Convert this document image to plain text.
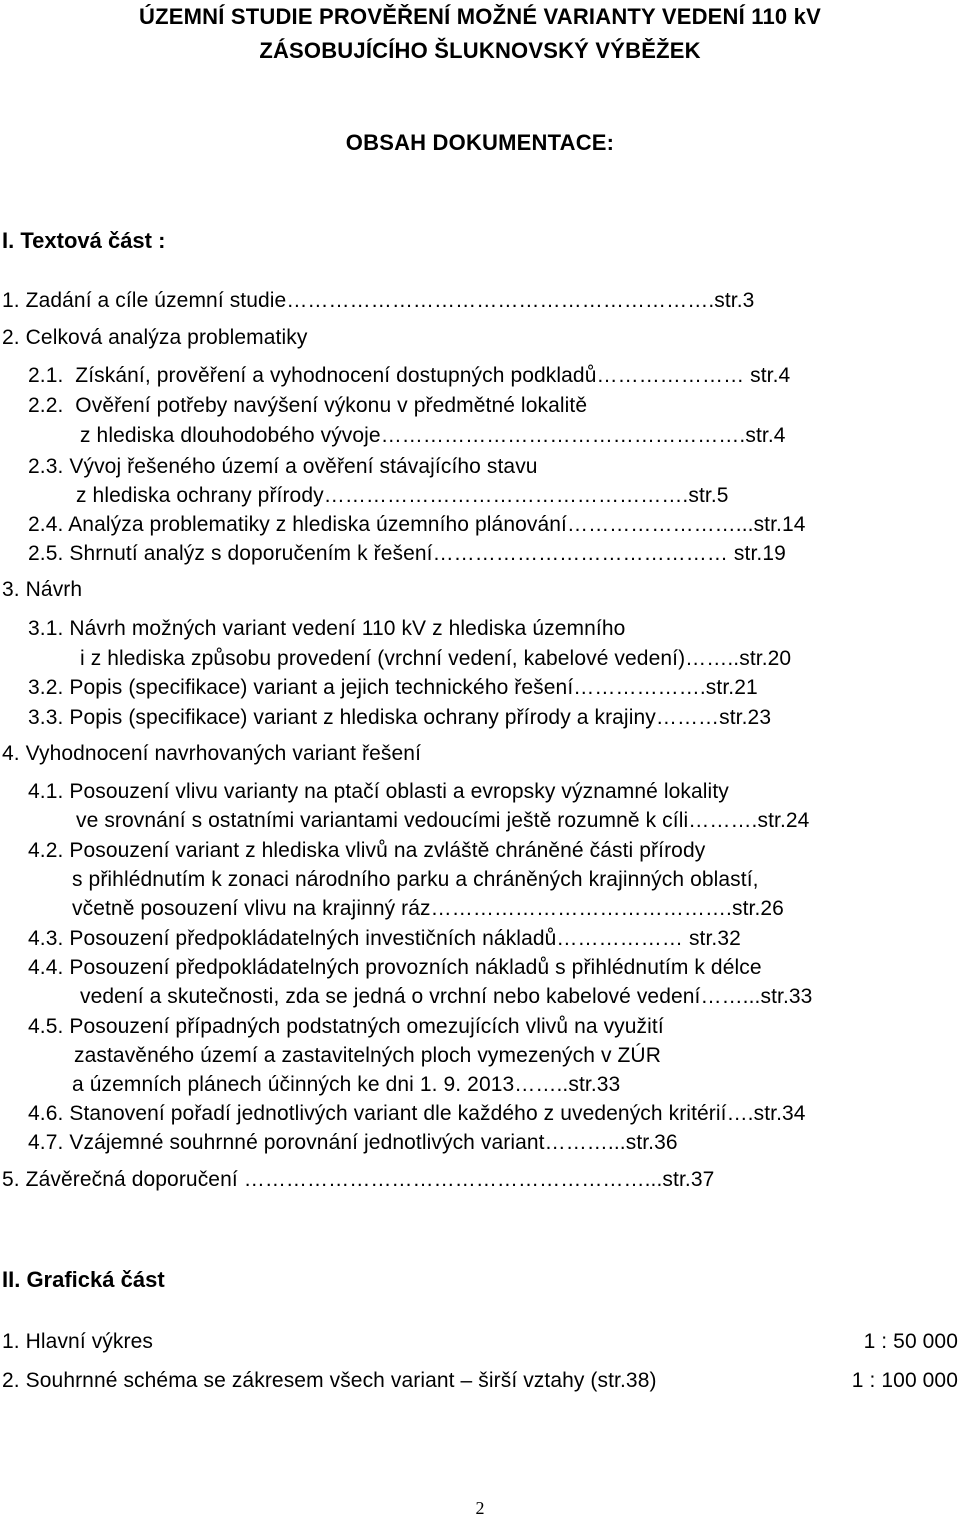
ÚZEMNÍ STUDIE PROVĚŘENÍ MOŽNÉ VARIANTY VEDENÍ 110 kV
ZÁSOBUJÍCÍHO ŠLUKNOVSKÝ VÝBĚŽEK
OBSAH DOKUMENTACE:
I. Textová část :
1. Zadání a cíle územní studie…………………………………………………….str.3
2. Celková analýza problematiky
2.1.  Získání, prověření a vyhodnocení dostupných podkladů………………… str.4
2.2.  Ověření potřeby navýšení výkonu v předmětné lokalitě
z hlediska dlouhodobého vývoje…………………………………………….str.4
2.3. Vývoj řešeného území a ověření stávajícího stavu
z hlediska ochrany přírody…………………………………………….str.5
2.4. Analýza problematiky z hlediska územního plánování……………………...str.14
2.5. Shrnutí analýz s doporučením k řešení…………………………………… str.19
3. Návrh
3.1. Návrh možných variant vedení 110 kV z hlediska územního
i z hlediska způsobu provedení (vrchní vedení, kabelové vedení)……..str.20
3.2. Popis (specifikace) variant a jejich technického řešení……………….str.21
3.3. Popis (specifikace) variant z hlediska ochrany přírody a krajiny………str.23
4. Vyhodnocení navrhovaných variant řešení
4.1. Posouzení vlivu varianty na ptačí oblasti a evropsky významné lokality
ve srovnání s ostatními variantami vedoucími ještě rozumně k cíli……….str.24
4.2. Posouzení variant z hlediska vlivů na zvláště chráněné části přírody
s přihlédnutím k zonaci národního parku a chráněných krajinných oblastí,
včetně posouzení vlivu na krajinný ráz…………………………………….str.26
4.3. Posouzení předpokládatelných investičních nákladů……………… str.32
4.4. Posouzení předpokládatelných provozních nákladů s přihlédnutím k délce
vedení a skutečnosti, zda se jedná o vrchní nebo kabelové vedení……...str.33
4.5. Posouzení případných podstatných omezujících vlivů na využití
zastavěného území a zastavitelných ploch vymezených v ZÚR
a územních plánech účinných ke dni 1. 9. 2013……..str.33
4.6. Stanovení pořadí jednotlivých variant dle každého z uvedených kritérií….str.34
4.7. Vzájemné souhrnné porovnání jednotlivých variant………...str.36
5. Závěrečná doporučení …………………………………………………...str.37
II. Grafická část
1. Hlavní výkres	1 : 50 000
2. Souhrnné schéma se zákresem všech variant – širší vztahy (str.38)	1 : 100 000
2
